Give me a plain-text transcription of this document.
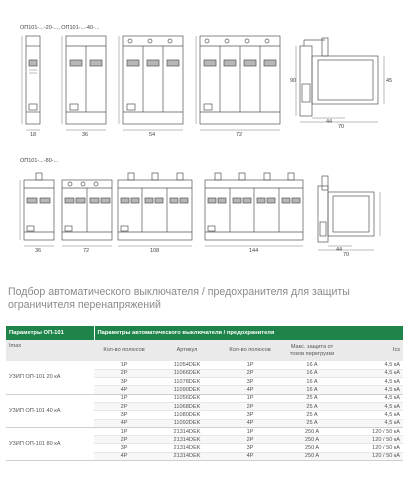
ОП101-...-20-..., ОП101-...-40-...
ОП101-...-80-...
18	36	54	72
44
70
90	45
36	72	108	144	44
70
Подбор автоматического выключателя / предохранителя для защиты ограничителя перенапряжений
Параметры ОП-101	Параметры автоматического выключателя / предохранителя				
Imax	Кол-во полюсов	Артикул	Кол-во полюсов	Макс. защита от токов перегрузки	Ics
УЗИП ОП-101 20 кА	1P	11054DEK	1P	16 A	4,5 кА
	2P	11066DEK	2P	16 A	4,5 кА
	3P	11078DEK	3P	16 A	4,5 кА
	4P	11090DEK	4P	16 A	4,5 кА
УЗИП ОП-101 40 кА	1P	11056DEK	1P	25 A	4,5 кА
	2P	11068DEK	2P	25 A	4,5 кА
	3P	11080DEK	3P	25 A	4,5 кА
	4P	11092DEK	4P	25 A	4,5 кА
УЗИП ОП-101 80 кА	1P	21314DEK	1P	250 A	120 / 50 кА
	2P	21314DEK	2P	250 A	120 / 50 кА
	3P	21314DEK	3P	250 A	120 / 50 кА
	4P	21314DEK	4P	250 A	120 / 50 кА
